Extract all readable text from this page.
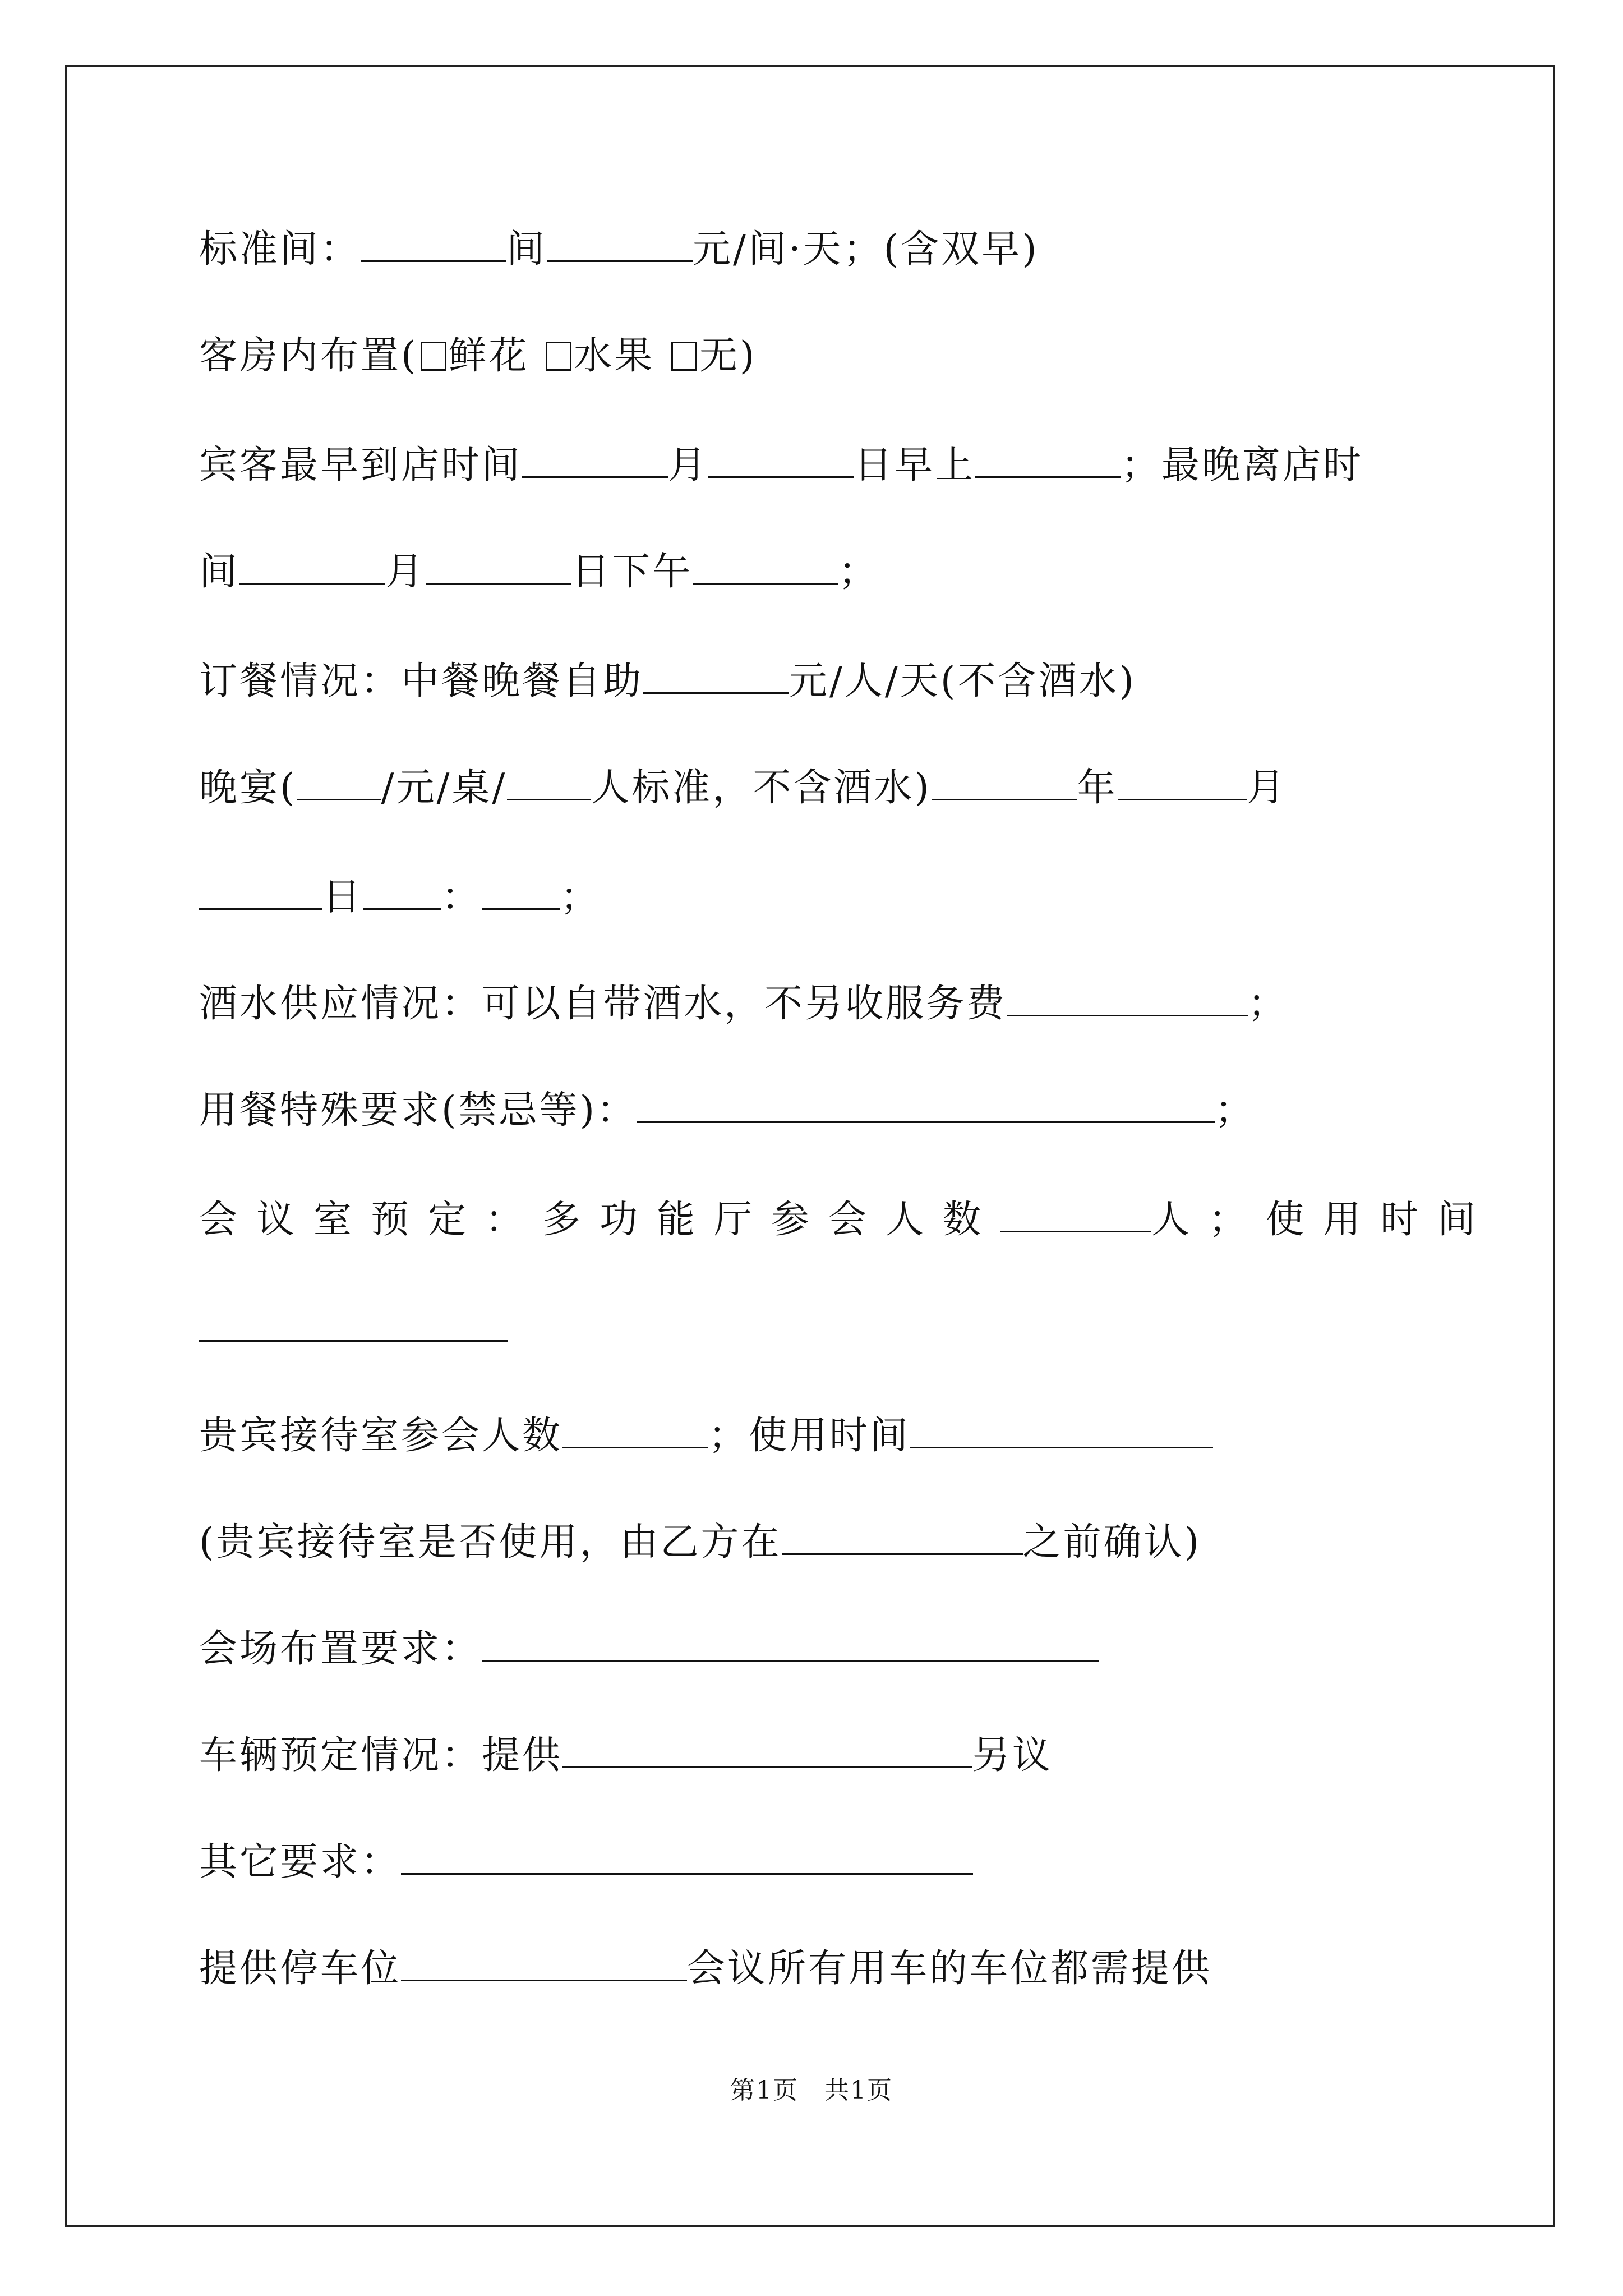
标准间：	间	元/间·天；(含双早)
客房内布置( 鲜花 水果 无)
宾客最早到店时间	月	日早上	；最晚离店时
间	月	日下午	；
订餐情况：中餐晚餐自助	元/人/天(不含酒水)
晚宴( /元/桌/ 人标准，不含酒水)	年	月
日 ： ；
酒水供应情况：可以自带酒水，不另收服务费	；
用餐特殊要求(禁忌等)：	；
会议室预定：多功能厅参会人数	人；使用时间
贵宾接待室参会人数	；使用时间
(贵宾接待室是否使用，由乙方在	之前确认)
会场布置要求：
车辆预定情况：提供	另议
其它要求：
提供停车位	会议所有用车的车位都需提供
第1页　共1页
